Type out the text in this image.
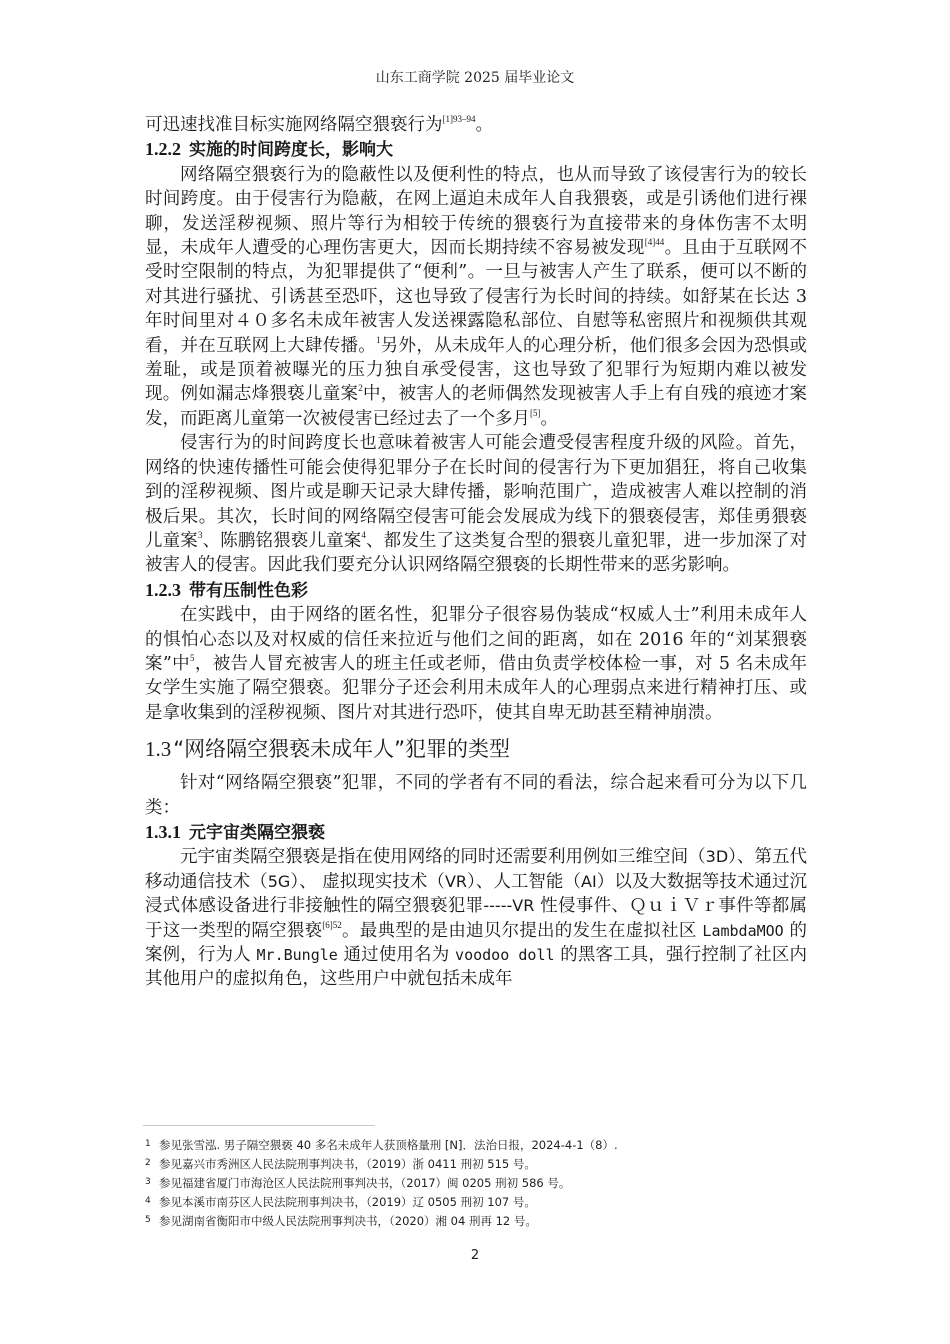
山东工商学院 2025 届毕业论文

可迅速找准目标实施网络隔空猥亵行为$^{[1]93-94}$。

1.2.2 实施的时间跨度长，影响大

网络隔空猥亵行为的隐蔽性以及便利性的特点，也从而导致了该侵害行为的较长时间跨度。由于侵害行为隐蔽，在网上逼迫未成年人自我猥亵，或是引诱他们进行裸聊，发送淫秽视频、照片等行为相较于传统的猥亵行为直接带来的身体伤害不太明显，未成年人遭受的心理伤害更大，因而长期持续不容易被发现$^{[4]44}$。且由于互联网不受时空限制的特点，为犯罪提供了“便利”。一旦与被害人产生了联系，便可以不断的对其进行骚扰、引诱甚至恐吓，这也导致了侵害行为长时间的持续。如舒某在长达 3 年时间里对４０多名未成年被害人发送裸露隐私部位、自慰等私密照片和视频供其观看，并在互联网上大肆传播。$^1$另外，从未成年人的心理分析，他们很多会因为恐惧或羞耻，或是顶着被曝光的压力独自承受侵害，这也导致了犯罪行为短期内难以被发现。例如漏志烽猥亵儿童案$^2$中，被害人的老师偶然发现被害人手上有自残的痕迹才案发，而距离儿童第一次被侵害已经过去了一个多月[5]。

侵害行为的时间跨度长也意味着被害人可能会遭受侵害程度升级的风险。首先，网络的快速传播性可能会使得犯罪分子在长时间的侵害行为下更加猖狂，将自己收集到的淫秽视频、图片或是聊天记录大肆传播，影响范围广，造成被害人难以控制的消极后果。其次，长时间的网络隔空侵害可能会发展成为线下的猥亵侵害，郑佳勇猥亵儿童案$^3$、陈鹏铭猥亵儿童案$^4$、都发生了这类复合型的猥亵儿童犯罪，进一步加深了对被害人的侵害。因此我们要充分认识网络隔空猥亵的长期性带来的恶劣影响。

1.2.3 带有压制性色彩

在实践中，由于网络的匿名性，犯罪分子很容易伪装成“权威人士”利用未成年人的惧怕心态以及对权威的信任来拉近与他们之间的距离，如在 2016 年的“刘某猥亵案”中$^5$，被告人冒充被害人的班主任或老师，借由负责学校体检一事，对 5 名未成年女学生实施了隔空猥亵。犯罪分子还会利用未成年人的心理弱点来进行精神打压、或是拿收集到的淫秽视频、图片对其进行恐吓，使其自卑无助甚至精神崩溃。

1.3“网络隔空猥亵未成年人”犯罪的类型

针对“网络隔空猥亵”犯罪，不同的学者有不同的看法，综合起来看可分为以下几类：

1.3.1 元宇宙类隔空猥亵

元宇宙类隔空猥亵是指在使用网络的同时还需要利用例如三维空间（3D）、第五代移动通信技术（5G）、 虚拟现实技术（VR）、人工智能（AI）以及大数据等技术通过沉浸式体感设备进行非接触性的隔空猥亵犯罪-----VR 性侵事件、ＱｕｉＶｒ事件等都属于这一类型的隔空猥亵$^{[6]52}$。最典型的是由迪贝尔提出的发生在虚拟社区 LambdaMOO 的案例，行为人 Mr.Bungle 通过使用名为 voodoo doll 的黑客工具，强行控制了社区内其他用户的虚拟角色，这些用户中就包括未成年

1 参见张雪泓. 男子隔空猥亵 40 多名未成年人获顶格量刑 [N]．法治日报，2024-4-1（8）.
2 参见嘉兴市秀洲区人民法院刑事判决书，（2019）浙 0411 刑初 515 号。
3 参见福建省厦门市海沧区人民法院刑事判决书，（2017）闽 0205 刑初 586 号。
4 参见本溪市南芬区人民法院刑事判决书，（2019）辽 0505 刑初 107 号。
5 参见湖南省衡阳市中级人民法院刑事判决书，（2020）湘 04 刑再 12 号。
2
